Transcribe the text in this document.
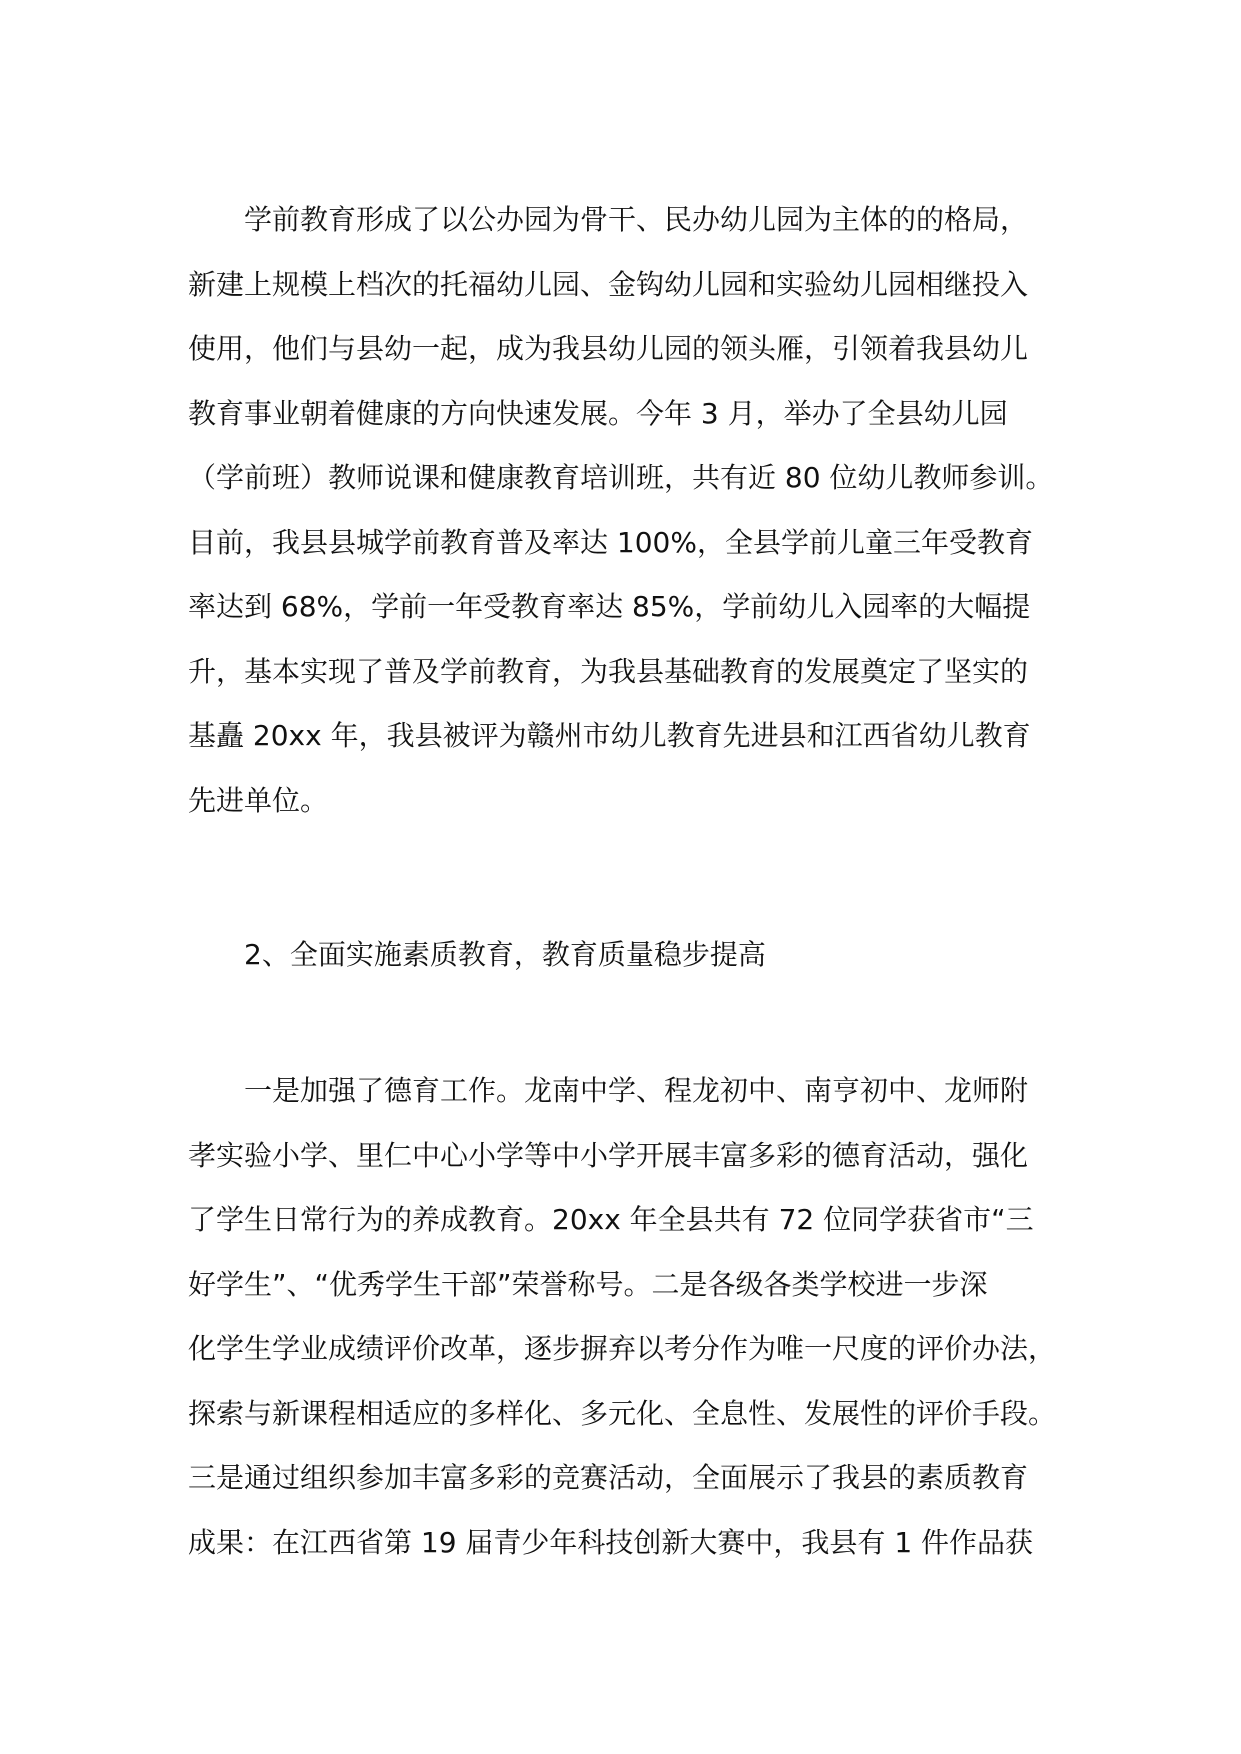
学前教育形成了以公办园为骨干、民办幼儿园为主体的的格局，
新建上规模上档次的托福幼儿园、金钩幼儿园和实验幼儿园相继投入
使用，他们与县幼一起，成为我县幼儿园的领头雁，引领着我县幼儿
教育事业朝着健康的方向快速发展。今年 3 月，举办了全县幼儿园
（学前班）教师说课和健康教育培训班，共有近 80 位幼儿教师参训。
目前，我县县城学前教育普及率达 100%，全县学前儿童三年受教育
率达到 68%，学前一年受教育率达 85%，学前幼儿入园率的大幅提
升，基本实现了普及学前教育，为我县基础教育的发展奠定了坚实的
基矗 20xx 年，我县被评为赣州市幼儿教育先进县和江西省幼儿教育
先进单位。
2、全面实施素质教育，教育质量稳步提高
一是加强了德育工作。龙南中学、程龙初中、南亨初中、龙师附
孝实验小学、里仁中心小学等中小学开展丰富多彩的德育活动，强化
了学生日常行为的养成教育。20xx 年全县共有 72 位同学获省市“三
好学生”、“优秀学生干部”荣誉称号。二是各级各类学校进一步深
化学生学业成绩评价改革，逐步摒弃以考分作为唯一尺度的评价办法，
探索与新课程相适应的多样化、多元化、全息性、发展性的评价手段。
三是通过组织参加丰富多彩的竞赛活动，全面展示了我县的素质教育
成果：在江西省第 19 届青少年科技创新大赛中，我县有 1 件作品获
